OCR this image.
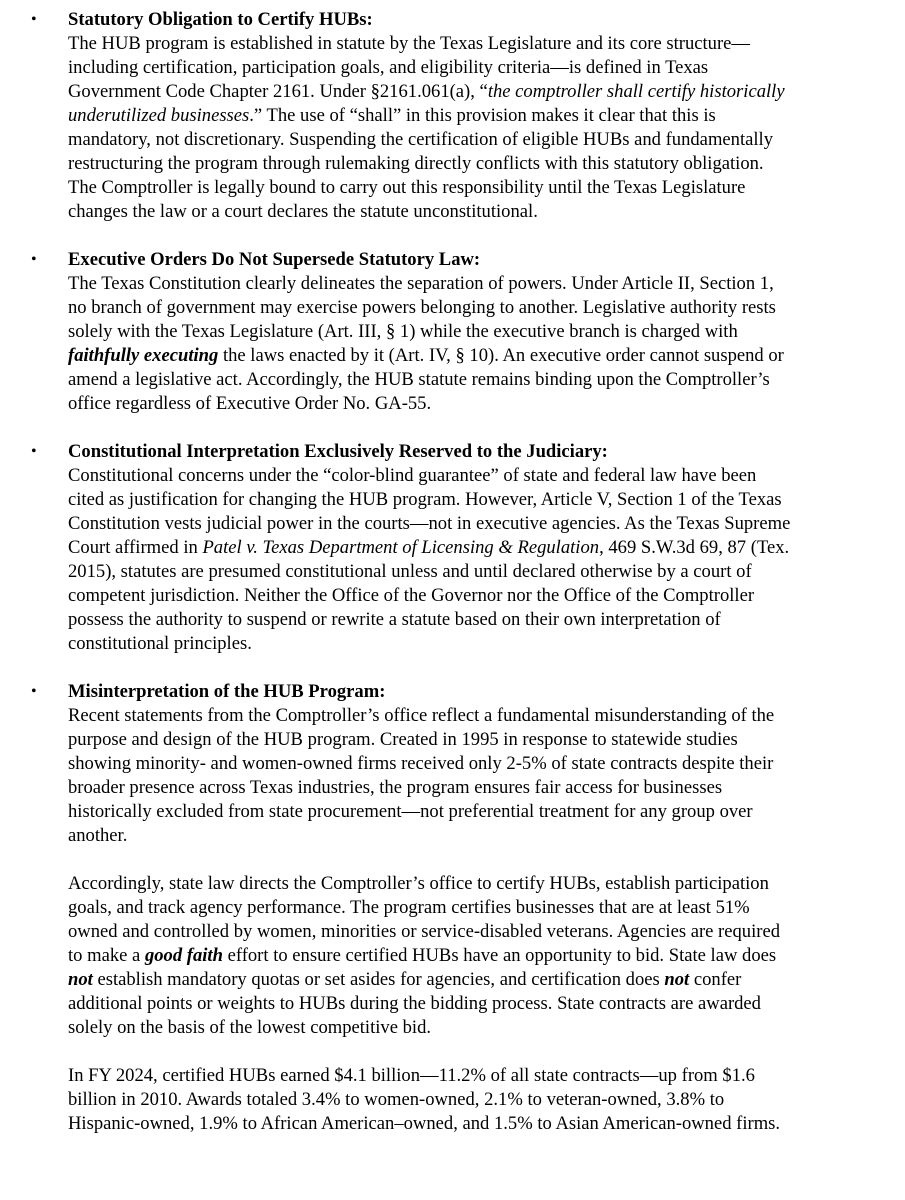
• Statutory Obligation to Certify HUBs:
The HUB program is established in statute by the Texas Legislature and its core structure—
including certification, participation goals, and eligibility criteria—is defined in Texas
Government Code Chapter 2161. Under §2161.061(a), “the comptroller shall certify historically
underutilized businesses.” The use of “shall” in this provision makes it clear that this is
mandatory, not discretionary. Suspending the certification of eligible HUBs and fundamentally
restructuring the program through rulemaking directly conflicts with this statutory obligation.
The Comptroller is legally bound to carry out this responsibility until the Texas Legislature
changes the law or a court declares the statute unconstitutional.
• Executive Orders Do Not Supersede Statutory Law:
The Texas Constitution clearly delineates the separation of powers. Under Article II, Section 1,
no branch of government may exercise powers belonging to another. Legislative authority rests
solely with the Texas Legislature (Art. III, § 1) while the executive branch is charged with
faithfully executing the laws enacted by it (Art. IV, § 10). An executive order cannot suspend or
amend a legislative act. Accordingly, the HUB statute remains binding upon the Comptroller’s
office regardless of Executive Order No. GA-55.
• Constitutional Interpretation Exclusively Reserved to the Judiciary:
Constitutional concerns under the “color-blind guarantee” of state and federal law have been
cited as justification for changing the HUB program. However, Article V, Section 1 of the Texas
Constitution vests judicial power in the courts—not in executive agencies. As the Texas Supreme
Court affirmed in Patel v. Texas Department of Licensing & Regulation, 469 S.W.3d 69, 87 (Tex.
2015), statutes are presumed constitutional unless and until declared otherwise by a court of
competent jurisdiction. Neither the Office of the Governor nor the Office of the Comptroller
possess the authority to suspend or rewrite a statute based on their own interpretation of
constitutional principles.
• Misinterpretation of the HUB Program:
Recent statements from the Comptroller’s office reflect a fundamental misunderstanding of the
purpose and design of the HUB program. Created in 1995 in response to statewide studies
showing minority- and women-owned firms received only 2-5% of state contracts despite their
broader presence across Texas industries, the program ensures fair access for businesses
historically excluded from state procurement—not preferential treatment for any group over
another.
Accordingly, state law directs the Comptroller’s office to certify HUBs, establish participation
goals, and track agency performance. The program certifies businesses that are at least 51%
owned and controlled by women, minorities or service-disabled veterans. Agencies are required
to make a good faith effort to ensure certified HUBs have an opportunity to bid. State law does
not establish mandatory quotas or set asides for agencies, and certification does not confer
additional points or weights to HUBs during the bidding process. State contracts are awarded
solely on the basis of the lowest competitive bid.
In FY 2024, certified HUBs earned $4.1 billion—11.2% of all state contracts—up from $1.6
billion in 2010. Awards totaled 3.4% to women-owned, 2.1% to veteran-owned, 3.8% to
Hispanic-owned, 1.9% to African American–owned, and 1.5% to Asian American-owned firms.
